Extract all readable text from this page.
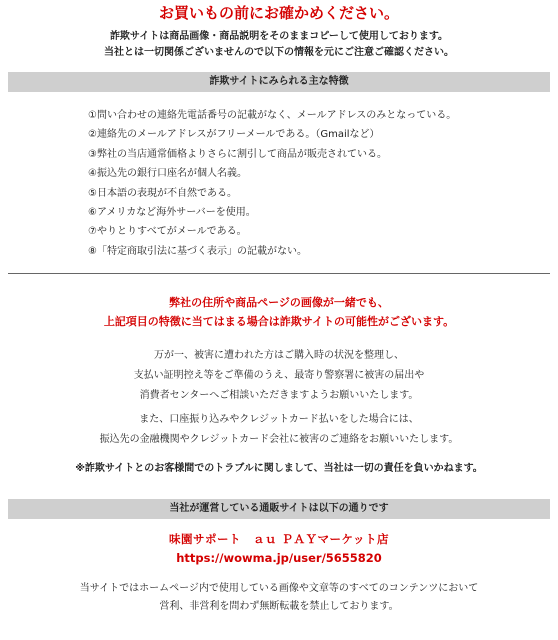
お買いもの前にお確かめください。
詐欺サイトは商品画像・商品説明をそのままコピーして使用しております。
当社とは一切関係ございませんので以下の情報を元にご注意ご確認ください。
詐欺サイトにみられる主な特徴
①問い合わせの連絡先電話番号の記載がなく、メールアドレスのみとなっている。
②連絡先のメールアドレスがフリーメールである。（Gmailなど）
③弊社の当店通常価格よりさらに割引して商品が販売されている。
④振込先の銀行口座名が個人名義。
⑤日本語の表現が不自然である。
⑥アメリカなど海外サーバーを使用。
⑦やりとりすべてがメールである。
⑧「特定商取引法に基づく表示」の記載がない。
弊社の住所や商品ページの画像が一緒でも、
上記項目の特徴に当てはまる場合は詐欺サイトの可能性がございます。
万が一、被害に遭われた方はご購入時の状況を整理し、
支払い証明控え等をご準備のうえ、最寄り警察署に被害の届出や
消費者センターへご相談いただきますようお願いいたします。
また、口座振り込みやクレジットカード払いをした場合には、
振込先の金融機関やクレジットカード会社に被害のご連絡をお願いいたします。
※詐欺サイトとのお客様間でのトラブルに関しまして、当社は一切の責任を負いかねます。
当社が運営している通販サイトは以下の通りです
味園サポート　ａｕ ＰＡＹマーケット店
https://wowma.jp/user/5655820
当サイトではホームページ内で使用している画像や文章等のすべてのコンテンツにおいて
営利、非営利を問わず無断転載を禁止しております。
